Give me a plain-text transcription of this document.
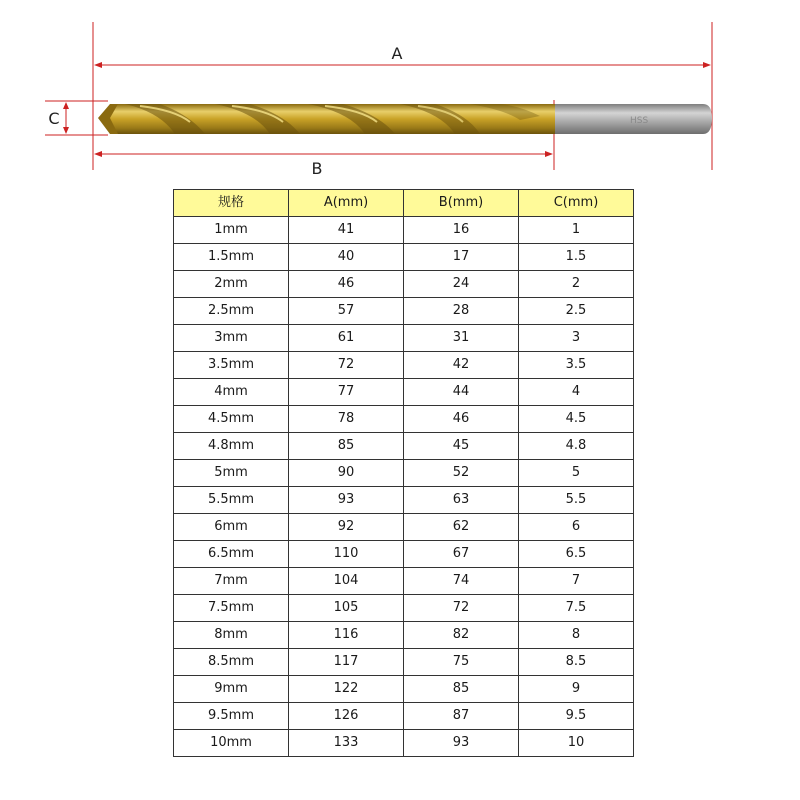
A
B
C	HSS
规格	A(mm)	B(mm)	C(mm)
1mm	41	16	1
1.5mm	40	17	1.5
2mm	46	24	2
2.5mm	57	28	2.5
3mm	61	31	3
3.5mm	72	42	3.5
4mm	77	44	4
4.5mm	78	46	4.5
4.8mm	85	45	4.8
5mm	90	52	5
5.5mm	93	63	5.5
6mm	92	62	6
6.5mm	110	67	6.5
7mm	104	74	7
7.5mm	105	72	7.5
8mm	116	82	8
8.5mm	117	75	8.5
9mm	122	85	9
9.5mm	126	87	9.5
10mm	133	93	10
